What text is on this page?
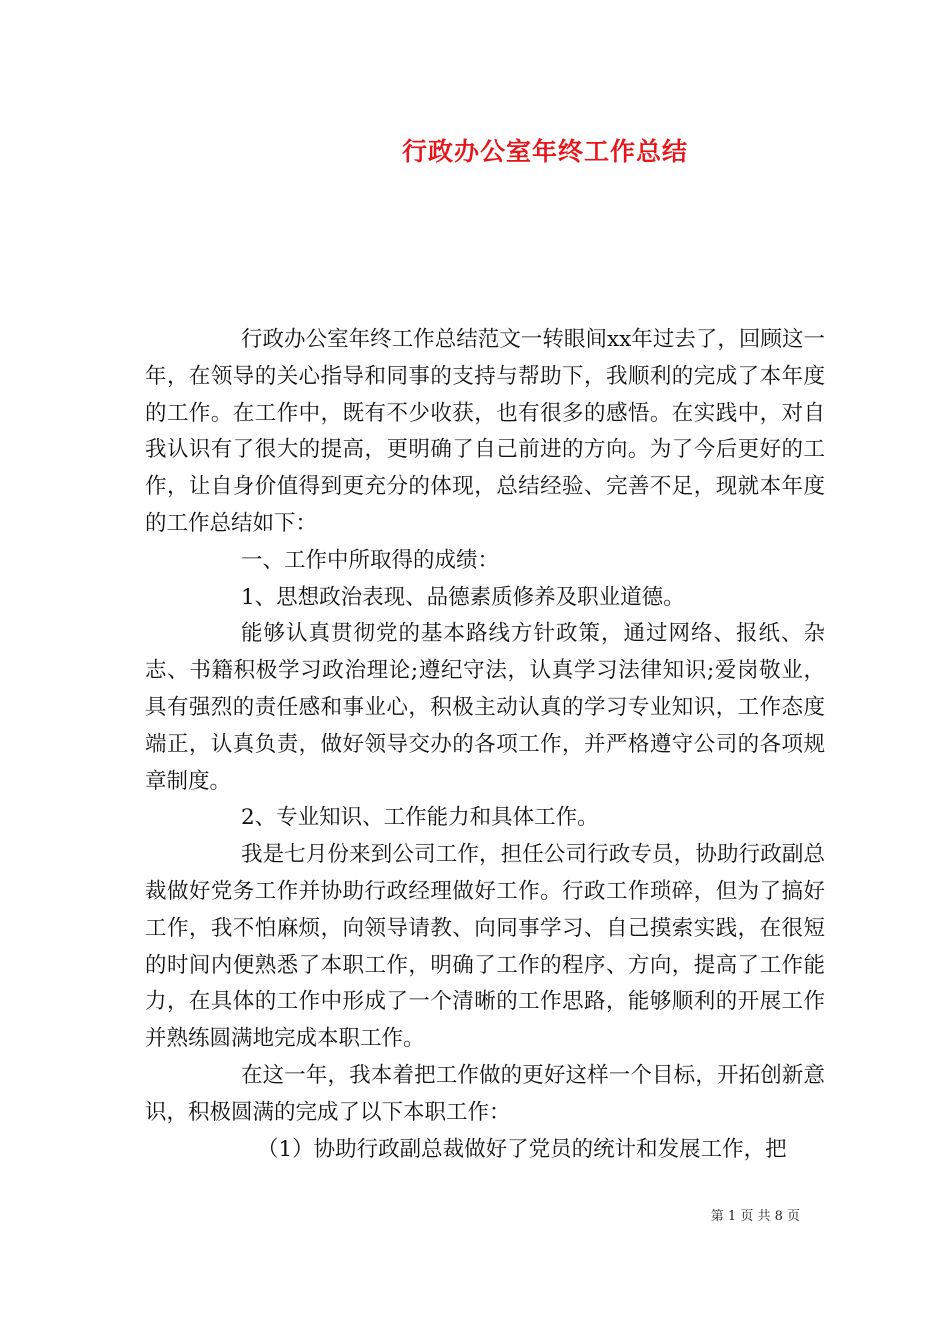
行政办公室年终工作总结

行政办公室年终工作总结范文一转眼间xx年过去了，回顾这一年，在领导的关心指导和同事的支持与帮助下，我顺利的完成了本年度的工作。在工作中，既有不少收获，也有很多的感悟。在实践中，对自我认识有了很大的提高，更明确了自己前进的方向。为了今后更好的工作，让自身价值得到更充分的体现，总结经验、完善不足，现就本年度的工作总结如下：

一、工作中所取得的成绩：

1、思想政治表现、品德素质修养及职业道德。

能够认真贯彻党的基本路线方针政策，通过网络、报纸、杂志、书籍积极学习政治理论;遵纪守法，认真学习法律知识;爱岗敬业，具有强烈的责任感和事业心，积极主动认真的学习专业知识，工作态度端正，认真负责，做好领导交办的各项工作，并严格遵守公司的各项规章制度。

2、专业知识、工作能力和具体工作。

我是七月份来到公司工作，担任公司行政专员，协助行政副总裁做好党务工作并协助行政经理做好工作。行政工作琐碎，但为了搞好工作，我不怕麻烦，向领导请教、向同事学习、自己摸索实践，在很短的时间内便熟悉了本职工作，明确了工作的程序、方向，提高了工作能力，在具体的工作中形成了一个清晰的工作思路，能够顺利的开展工作并熟练圆满地完成本职工作。

在这一年，我本着把工作做的更好这样一个目标，开拓创新意识，积极圆满的完成了以下本职工作：

（1）协助行政副总裁做好了党员的统计和发展工作，把

第 1 页 共 8 页
